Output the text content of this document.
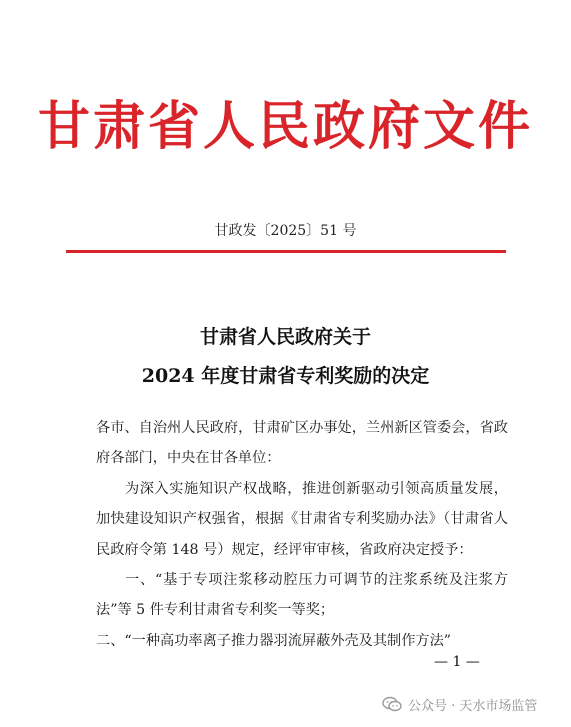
甘肃省人民政府文件
甘政发〔2025〕51 号
甘肃省人民政府关于
2024 年度甘肃省专利奖励的决定

各市、自治州人民政府，甘肃矿区办事处，兰州新区管委会，省政府各部门，中央在甘各单位：

为深入实施知识产权战略，推进创新驱动引领高质量发展，加快建设知识产权强省，根据《甘肃省专利奖励办法》（甘肃省人民政府令第 148 号）规定，经评审审核，省政府决定授予：

一、“基于专项注浆移动腔压力可调节的注浆系统及注浆方法”等 5 件专利甘肃省专利奖一等奖；

二、“一种高功率离子推力器羽流屏蔽外壳及其制作方法”

— 1 —
公众号 · 天水市场监管
